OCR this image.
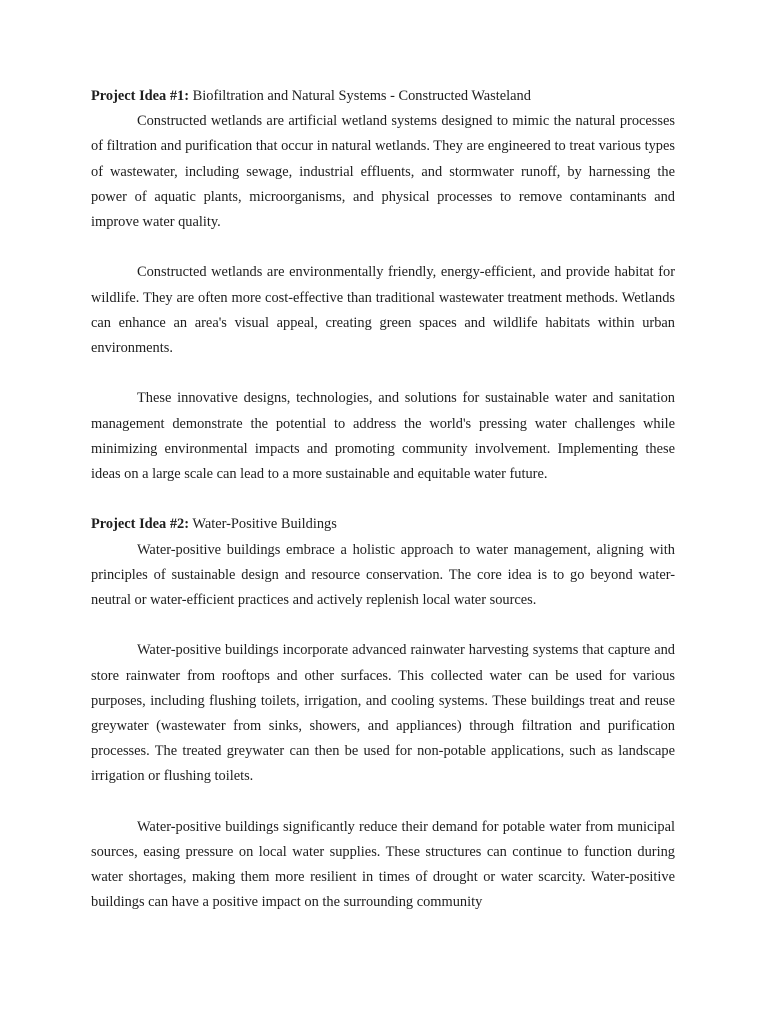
Project Idea #1: Biofiltration and Natural Systems - Constructed Wasteland

Constructed wetlands are artificial wetland systems designed to mimic the natural processes of filtration and purification that occur in natural wetlands. They are engineered to treat various types of wastewater, including sewage, industrial effluents, and stormwater runoff, by harnessing the power of aquatic plants, microorganisms, and physical processes to remove contaminants and improve water quality.

Constructed wetlands are environmentally friendly, energy-efficient, and provide habitat for wildlife. They are often more cost-effective than traditional wastewater treatment methods. Wetlands can enhance an area's visual appeal, creating green spaces and wildlife habitats within urban environments.

These innovative designs, technologies, and solutions for sustainable water and sanitation management demonstrate the potential to address the world's pressing water challenges while minimizing environmental impacts and promoting community involvement. Implementing these ideas on a large scale can lead to a more sustainable and equitable water future.

Project Idea #2: Water-Positive Buildings

Water-positive buildings embrace a holistic approach to water management, aligning with principles of sustainable design and resource conservation. The core idea is to go beyond water-neutral or water-efficient practices and actively replenish local water sources.

Water-positive buildings incorporate advanced rainwater harvesting systems that capture and store rainwater from rooftops and other surfaces. This collected water can be used for various purposes, including flushing toilets, irrigation, and cooling systems. These buildings treat and reuse greywater (wastewater from sinks, showers, and appliances) through filtration and purification processes. The treated greywater can then be used for non-potable applications, such as landscape irrigation or flushing toilets.

Water-positive buildings significantly reduce their demand for potable water from municipal sources, easing pressure on local water supplies. These structures can continue to function during water shortages, making them more resilient in times of drought or water scarcity. Water-positive buildings can have a positive impact on the surrounding community
